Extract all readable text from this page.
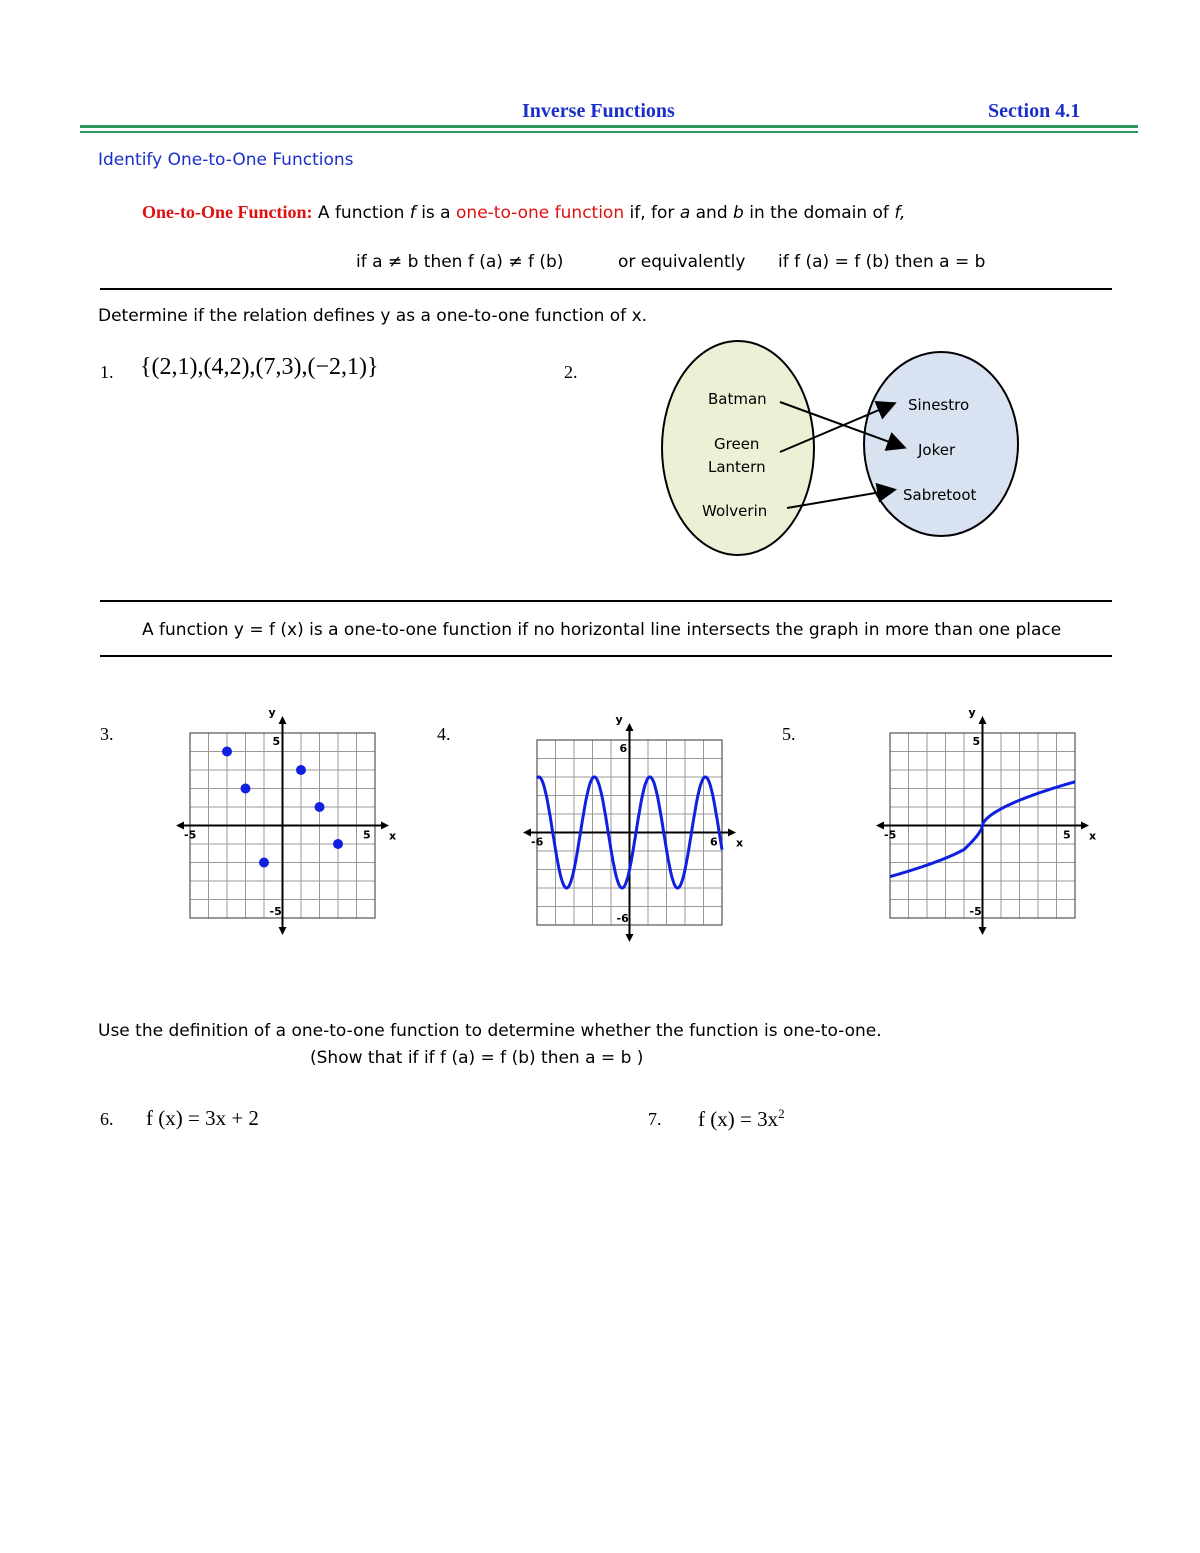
Inverse Functions	Section 4.1
Identify One-to-One Functions
One-to-One Function: A function f is a one-to-one function if, for a and b in the domain of f,
if a ≠ b then f (a) ≠ f (b)	or equivalently if f (a) = f (b) then a = b
Determine if the relation defines y as a one-to-one function of x.
1. {(2,1),(4,2),(7,3),(−2,1)}	2.
Batman
Green
Lantern
Wolverin
Sinestro
Joker
Sabretoot
A function y = f (x) is a one-to-one function if no horizontal line intersects the graph in more than one place
3.	4.	5.
x
y
-5	5
5
-5
x
y
-6	6
6
-6
x
y
-5	5
5
-5
Use the definition of a one-to-one function to determine whether the function is one-to-one.
(Show that if if f (a) = f (b) then a = b )
6. f (x) = 3x + 2	7. f $(x) = 3x^2$
